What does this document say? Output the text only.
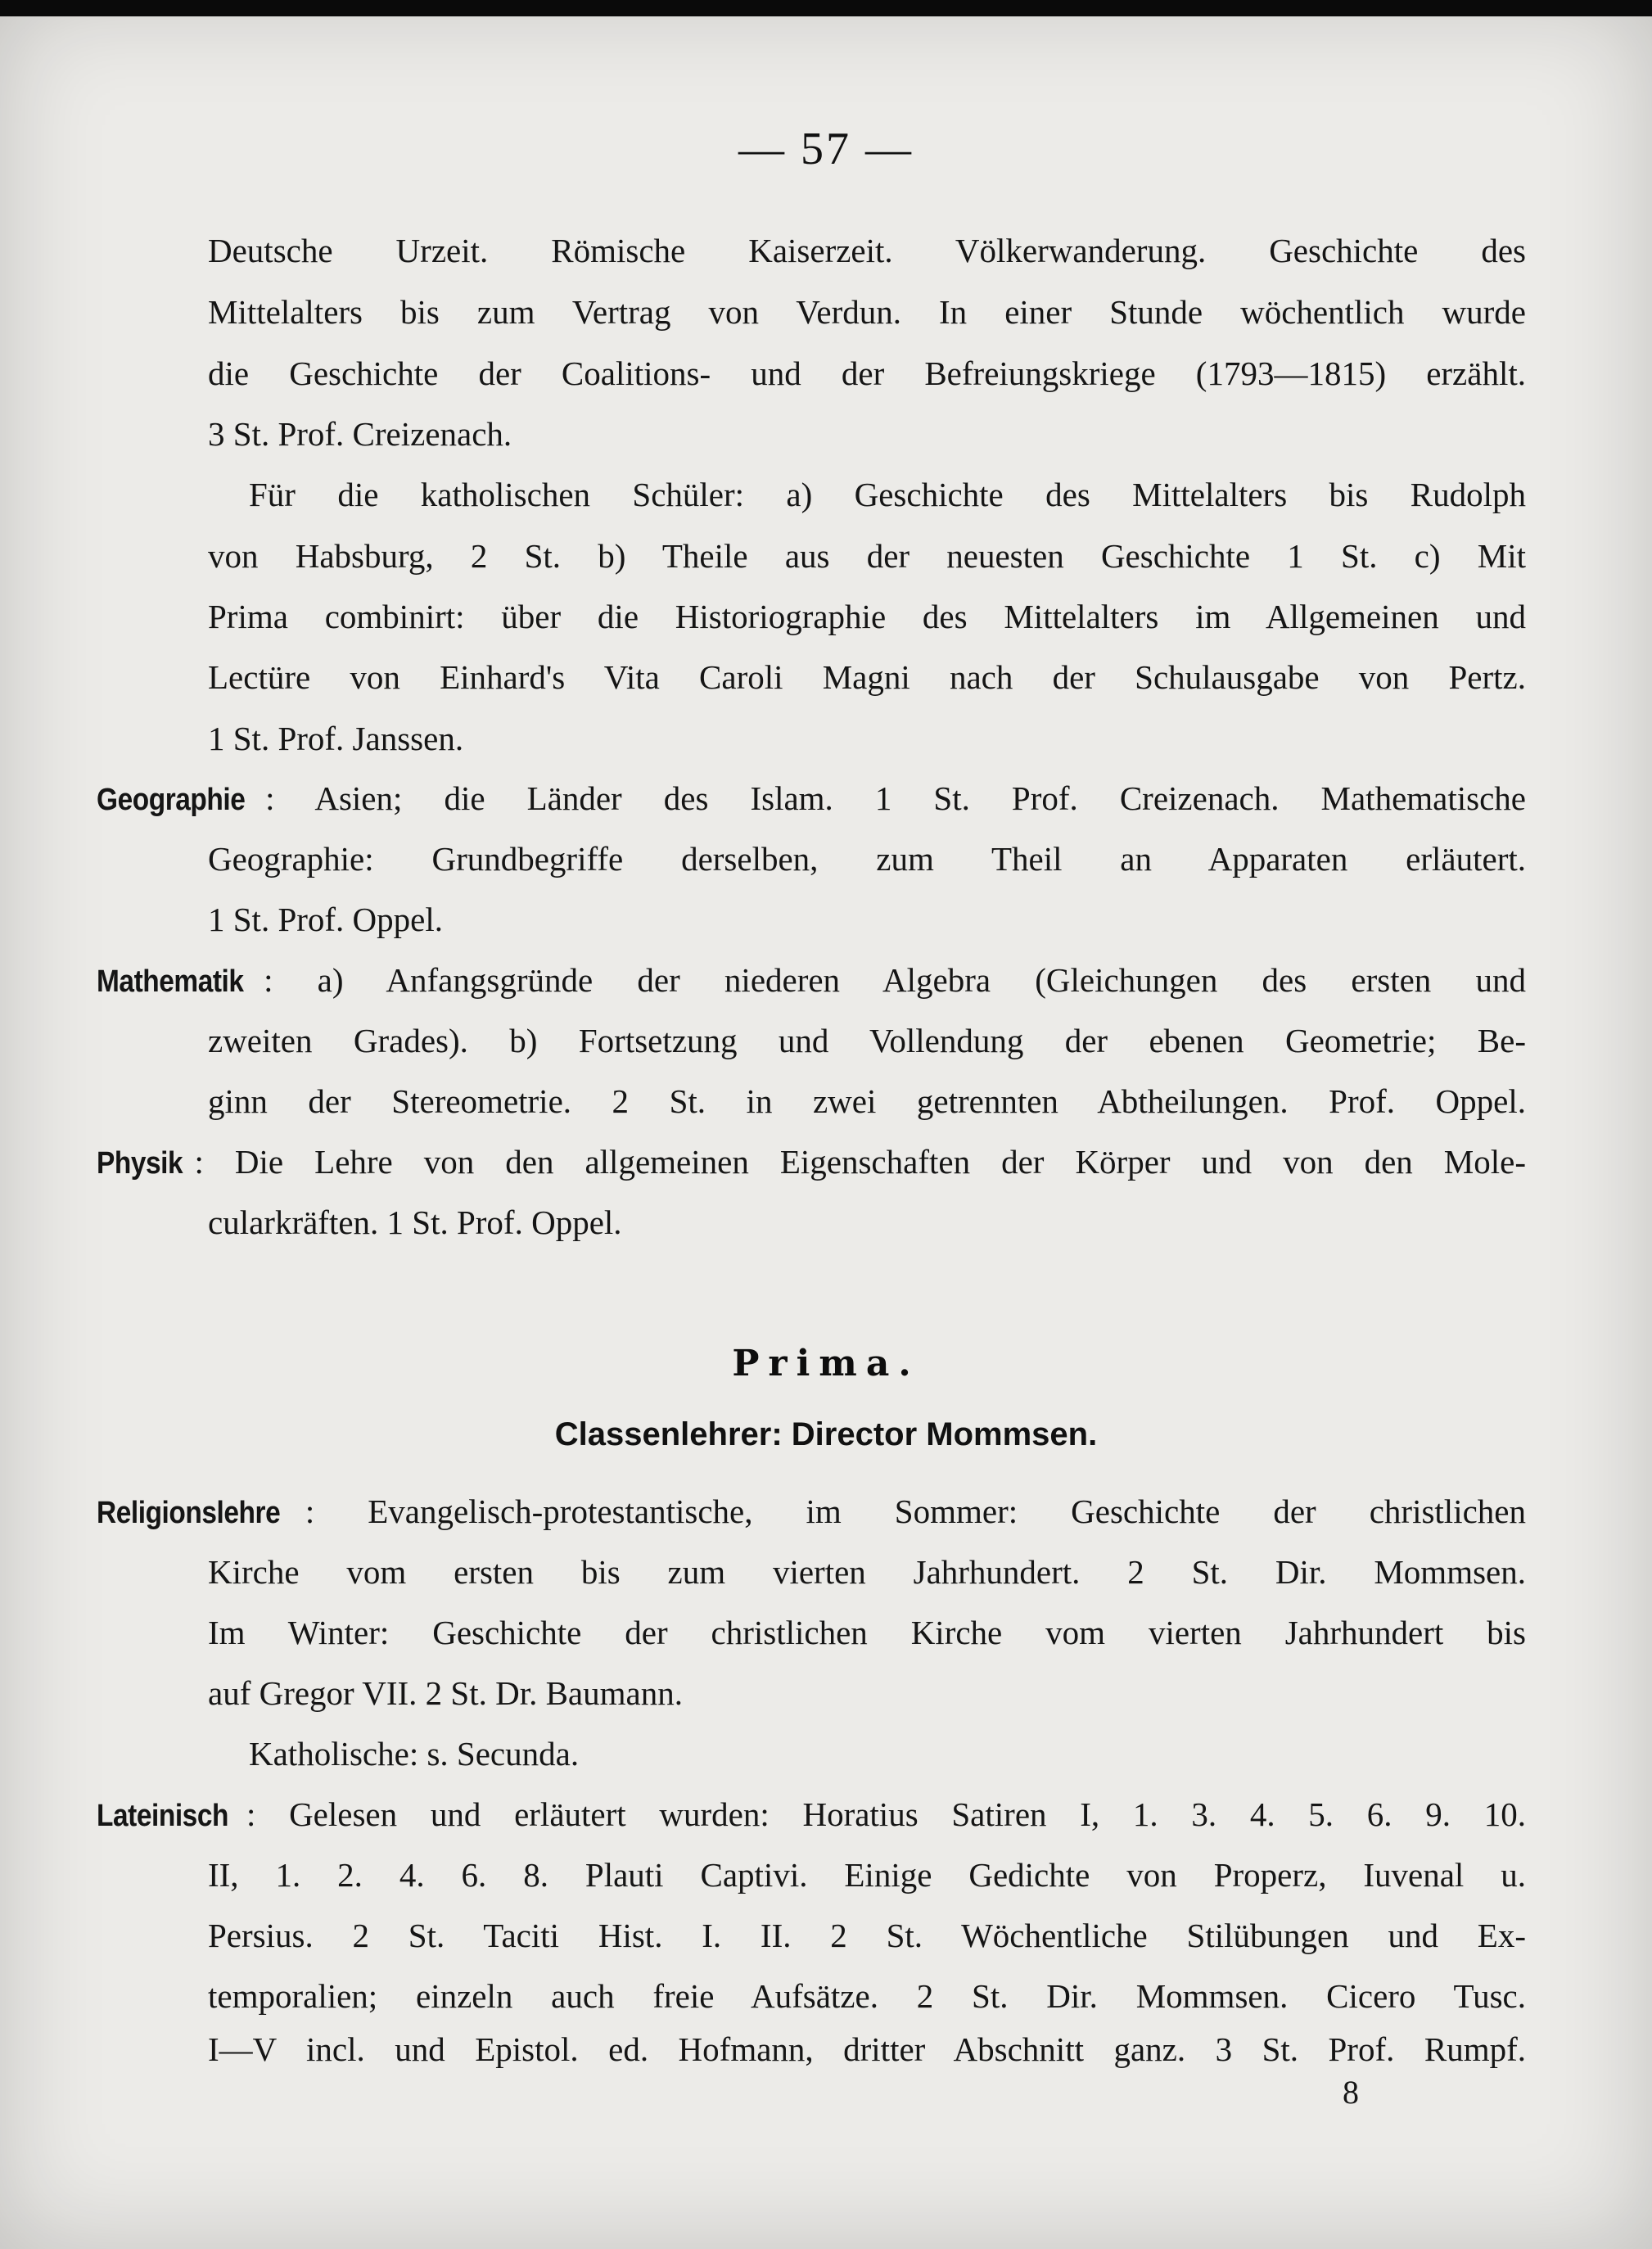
— 57 —
Deutsche Urzeit. Römische Kaiserzeit. Völkerwanderung. Geschichte des
Mittelalters bis zum Vertrag von Verdun. In einer Stunde wöchentlich wurde
die Geschichte der Coalitions- und der Befreiungskriege (1793—1815) erzählt.
3 St. Prof. Creizenach.
Für die katholischen Schüler: a) Geschichte des Mittelalters bis Rudolph
von Habsburg, 2 St. b) Theile aus der neuesten Geschichte 1 St. c) Mit
Prima combinirt: über die Historiographie des Mittelalters im Allgemeinen und
Lectüre von Einhard's Vita Caroli Magni nach der Schulausgabe von Pertz.
1 St. Prof. Janssen.
Geographie : Asien; die Länder des Islam. 1 St. Prof. Creizenach. Mathematische
Geographie: Grundbegriffe derselben, zum Theil an Apparaten erläutert.
1 St. Prof. Oppel.
Mathematik : a) Anfangsgründe der niederen Algebra (Gleichungen des ersten und
zweiten Grades). b) Fortsetzung und Vollendung der ebenen Geometrie; Be-
ginn der Stereometrie. 2 St. in zwei getrennten Abtheilungen. Prof. Oppel.
Physik : Die Lehre von den allgemeinen Eigenschaften der Körper und von den Mole-
cularkräften. 1 St. Prof. Oppel.
Prima.
Classenlehrer: Director Mommsen.
Religionslehre : Evangelisch-protestantische, im Sommer: Geschichte der christlichen
Kirche vom ersten bis zum vierten Jahrhundert. 2 St. Dir. Mommsen.
Im Winter: Geschichte der christlichen Kirche vom vierten Jahrhundert bis
auf Gregor VII. 2 St. Dr. Baumann.
Katholische: s. Secunda.
Lateinisch : Gelesen und erläutert wurden: Horatius Satiren I, 1. 3. 4. 5. 6. 9. 10.
II, 1. 2. 4. 6. 8. Plauti Captivi. Einige Gedichte von Properz, Iuvenal u.
Persius. 2 St. Taciti Hist. I. II. 2 St. Wöchentliche Stilübungen und Ex-
temporalien; einzeln auch freie Aufsätze. 2 St. Dir. Mommsen. Cicero Tusc.
I—V incl. und Epistol. ed. Hofmann, dritter Abschnitt ganz. 3 St. Prof. Rumpf.
8
